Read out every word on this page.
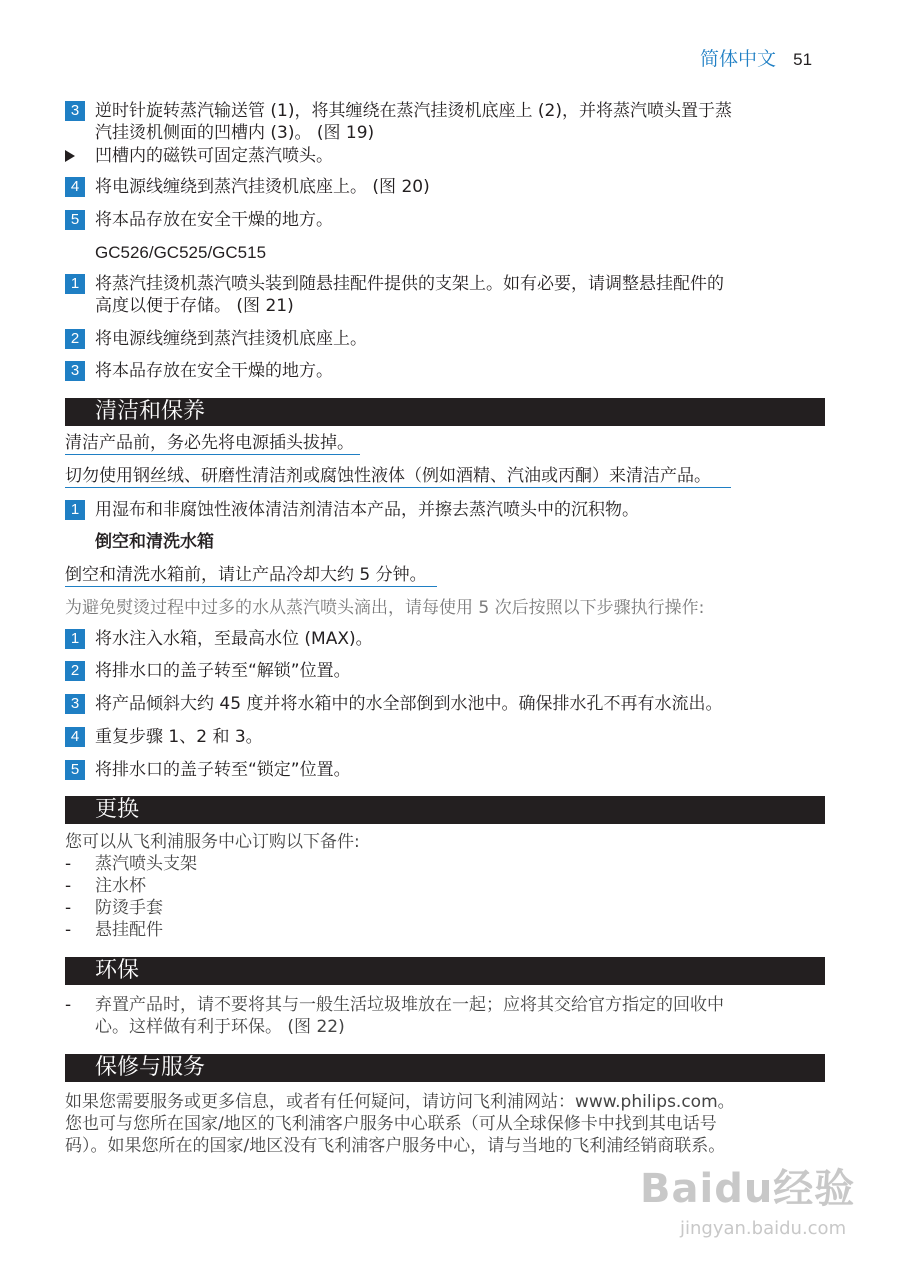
简体中文 51
3 逆时针旋转蒸汽输送管 (1)，将其缠绕在蒸汽挂烫机底座上 (2)，并将蒸汽喷头置于蒸
汽挂烫机侧面的凹槽内 (3)。 (图 19)
凹槽内的磁铁可固定蒸汽喷头。
4 将电源线缠绕到蒸汽挂烫机底座上。 (图 20)
5 将本品存放在安全干燥的地方。
GC526/GC525/GC515
1 将蒸汽挂烫机蒸汽喷头装到随悬挂配件提供的支架上。如有必要，请调整悬挂配件的
高度以便于存储。 (图 21)
2 将电源线缠绕到蒸汽挂烫机底座上。
3 将本品存放在安全干燥的地方。
清洁和保养
清洁产品前，务必先将电源插头拔掉。
切勿使用钢丝绒、研磨性清洁剂或腐蚀性液体（例如酒精、汽油或丙酮）来清洁产品。
1 用湿布和非腐蚀性液体清洁剂清洁本产品，并擦去蒸汽喷头中的沉积物。
倒空和清洗水箱
倒空和清洗水箱前，请让产品冷却大约 5 分钟。
为避免熨烫过程中过多的水从蒸汽喷头滴出，请每使用 5 次后按照以下步骤执行操作:
1 将水注入水箱，至最高水位 (MAX)。
2 将排水口的盖子转至“解锁”位置。
3 将产品倾斜大约 45 度并将水箱中的水全部倒到水池中。确保排水孔不再有水流出。
4 重复步骤 1、2 和 3。
5 将排水口的盖子转至“锁定”位置。
更换
您可以从飞利浦服务中心订购以下备件:
- 蒸汽喷头支架
- 注水杯
- 防烫手套
- 悬挂配件
环保
- 弃置产品时，请不要将其与一般生活垃圾堆放在一起；应将其交给官方指定的回收中
心。这样做有利于环保。 (图 22)
保修与服务
如果您需要服务或更多信息，或者有任何疑问，请访问飞利浦网站：www.philips.com。
您也可与您所在国家/地区的飞利浦客户服务中心联系（可从全球保修卡中找到其电话号
码）。如果您所在的国家/地区没有飞利浦客户服务中心，请与当地的飞利浦经销商联系。
Baidu经验
jingyan.baidu.com
